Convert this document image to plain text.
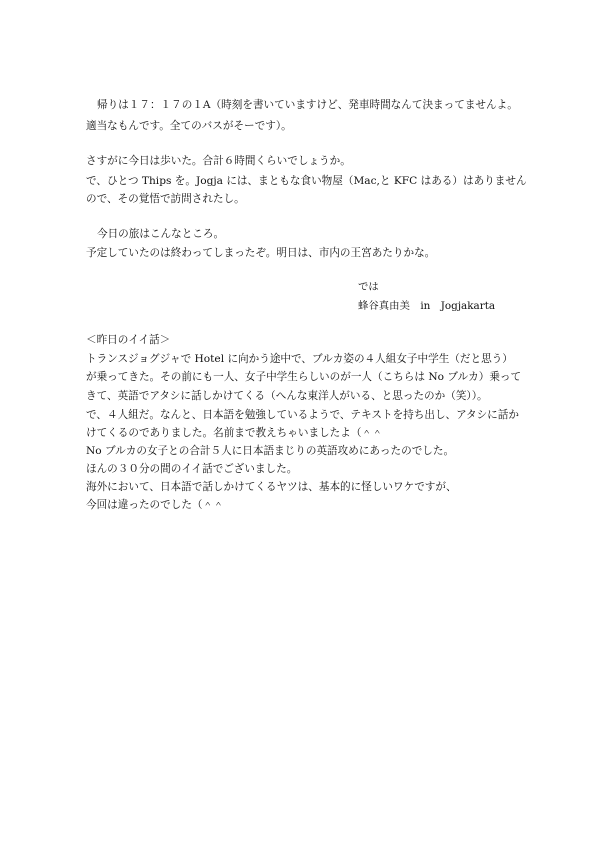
帰りは１７：１７の１A（時刻を書いていますけど、発車時間なんて決まってませんよ。
適当なもんです。全てのバスがそーです）。
さすがに今日は歩いた。合計６時間くらいでしょうか。
で、ひとつ Thips を。Jogja には、まともな食い物屋（Mac,と KFC はある）はありません
ので、その覚悟で訪問されたし。
今日の旅はこんなところ。
予定していたのは終わってしまったぞ。明日は、市内の王宮あたりかな。
では
蜂谷真由美　in　Jogjakarta
＜昨日のイイ話＞
トランスジョグジャで Hotel に向かう途中で、ブルカ姿の４人組女子中学生（だと思う）
が乗ってきた。その前にも一人、女子中学生らしいのが一人（こちらは No ブルカ）乗って
きて、英語でアタシに話しかけてくる（へんな東洋人がいる、と思ったのか（笑））。
で、４人組だ。なんと、日本語を勉強しているようで、テキストを持ち出し、アタシに話か
けてくるのでありました。名前まで教えちゃいましたよ（＾＾
No ブルカの女子との合計５人に日本語まじりの英語攻めにあったのでした。
ほんの３０分の間のイイ話でございました。
海外において、日本語で話しかけてくるヤツは、基本的に怪しいワケですが、
今回は違ったのでした（＾＾
